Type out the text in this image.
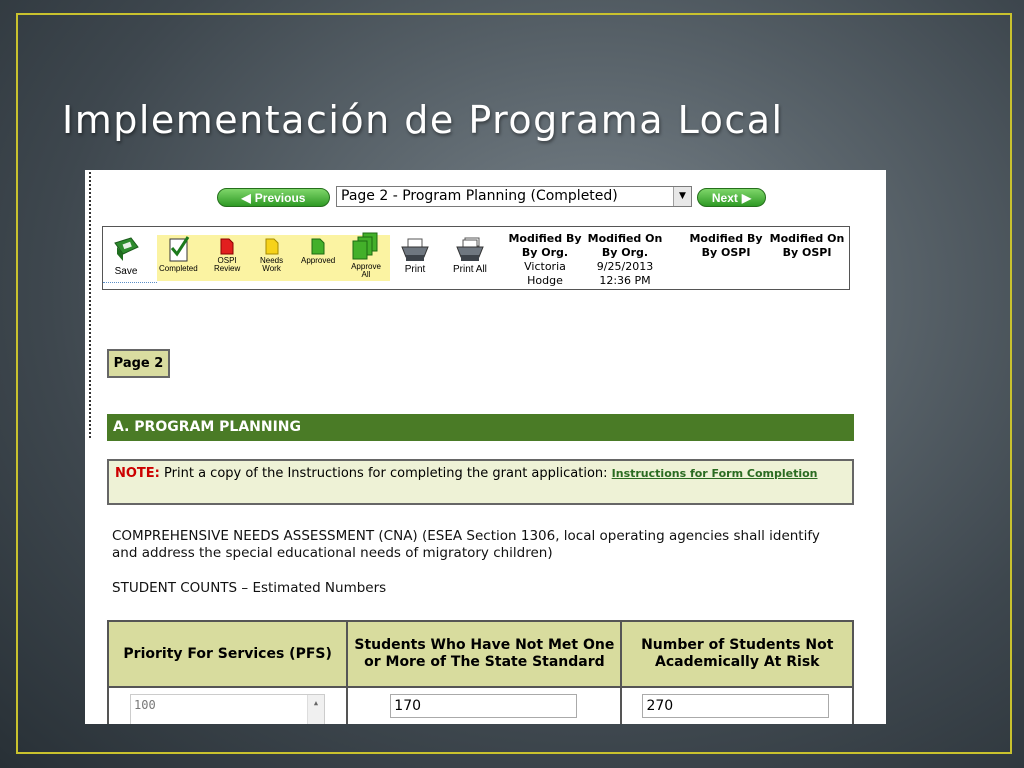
Implementación de Programa Local
◀ Previous	Page 2 - Program Planning (Completed)	▼	Next ▶
Save	Completed
OSPI
Review
Needs
Work
Approved
Approve
All	Print	Print All
Modified By By Org.
Victoria Hodge
Modified On By Org.
9/25/2013 12:36 PM
Modified By By OSPI
Modified On By OSPI
Page 2
A. PROGRAM PLANNING
NOTE: Print a copy of the Instructions for completing the grant application: Instructions for Form Completion
COMPREHENSIVE NEEDS ASSESSMENT (CNA) (ESEA Section 1306, local operating agencies shall identify and address the special educational needs of migratory children)
STUDENT COUNTS – Estimated Numbers
Priority For Services (PFS)	Students Who Have Not Met One or More of The State Standard	Number of Students Not Academically At Risk

100 ▲	170	270
